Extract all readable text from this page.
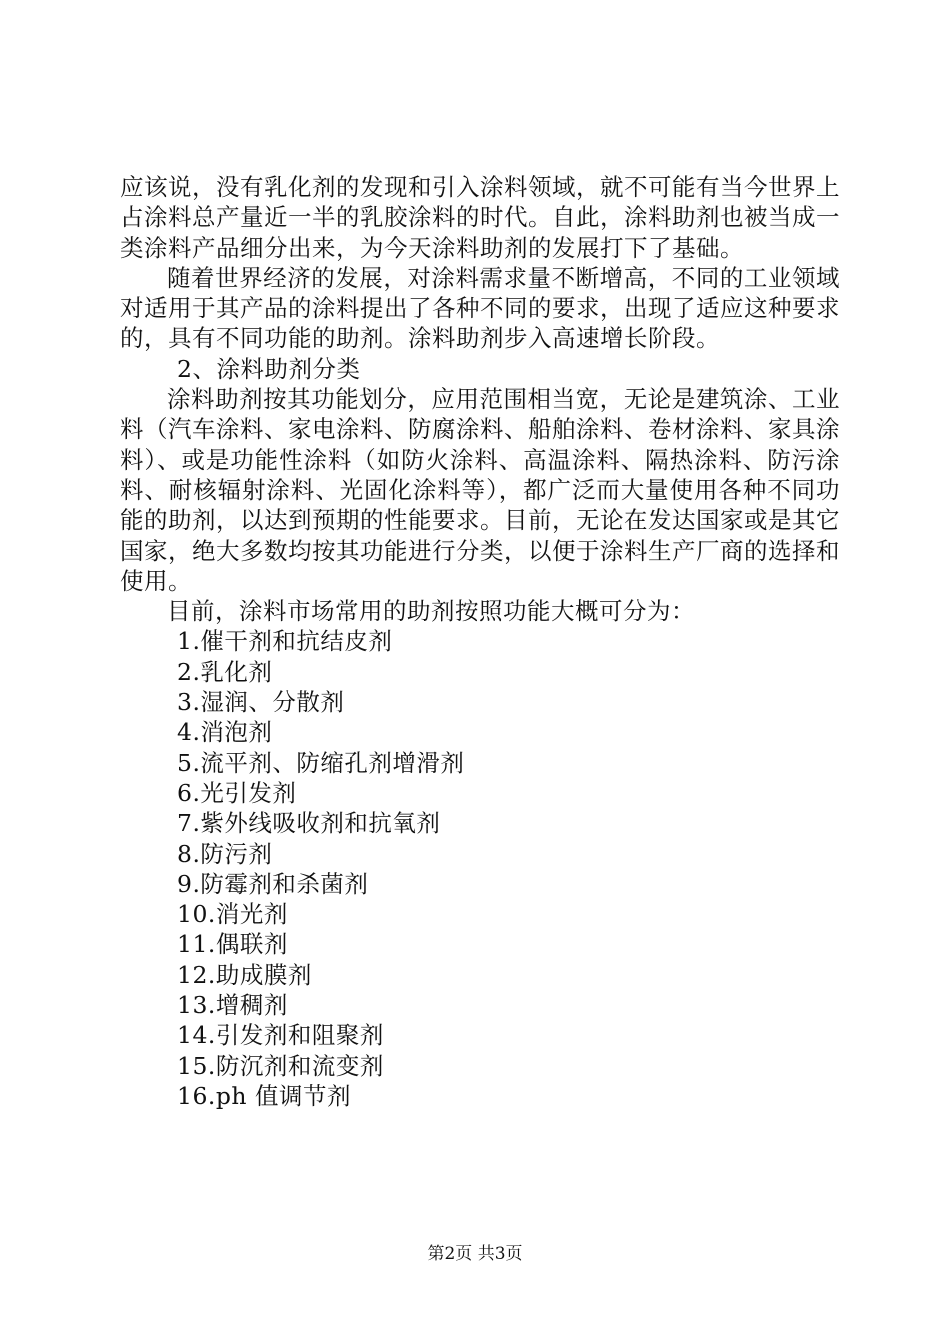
应该说，没有乳化剂的发现和引入涂料领域，就不可能有当今世界上占涂料总产量近一半的乳胶涂料的时代。自此，涂料助剂也被当成一类涂料产品细分出来，为今天涂料助剂的发展打下了基础。

随着世界经济的发展，对涂料需求量不断增高，不同的工业领域对适用于其产品的涂料提出了各种不同的要求，出现了适应这种要求的，具有不同功能的助剂。涂料助剂步入高速增长阶段。

2、涂料助剂分类

涂料助剂按其功能划分，应用范围相当宽，无论是建筑涂、工业料（汽车涂料、家电涂料、防腐涂料、船舶涂料、卷材涂料、家具涂料）、或是功能性涂料（如防火涂料、高温涂料、隔热涂料、防污涂料、耐核辐射涂料、光固化涂料等），都广泛而大量使用各种不同功能的助剂，以达到预期的性能要求。目前，无论在发达国家或是其它国家，绝大多数均按其功能进行分类，以便于涂料生产厂商的选择和使用。

目前，涂料市场常用的助剂按照功能大概可分为：

1.催干剂和抗结皮剂
2.乳化剂
3.湿润、分散剂
4.消泡剂
5.流平剂、防缩孔剂增滑剂
6.光引发剂
7.紫外线吸收剂和抗氧剂
8.防污剂
9.防霉剂和杀菌剂
10.消光剂
11.偶联剂
12.助成膜剂
13.增稠剂
14.引发剂和阻聚剂
15.防沉剂和流变剂
16.ph 值调节剂
第2页 共3页
